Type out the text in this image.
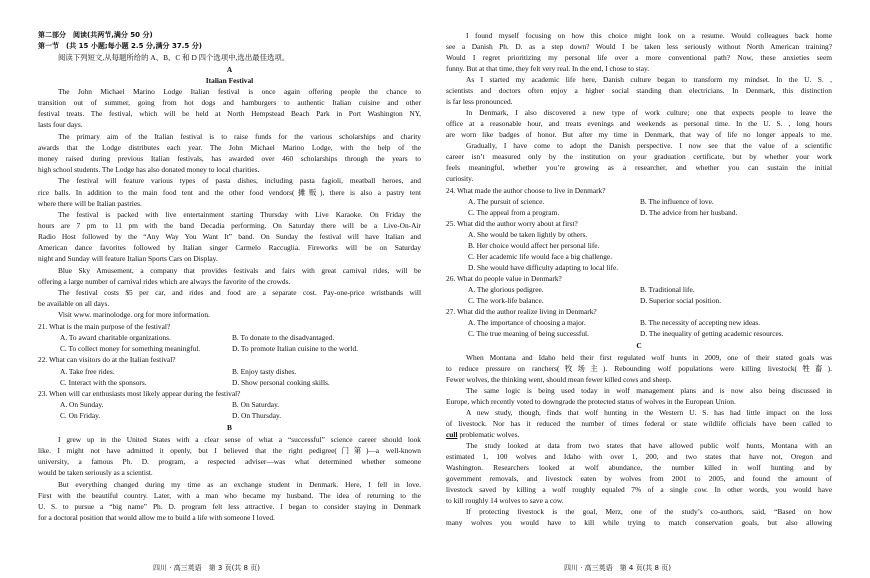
第二部分　阅读(共两节,满分 50 分)
第一节　(共 15 小题;每小题 2.5 分,满分 37.5 分)
阅读下列短文,从每题所给的 A、B、C 和 D 四个选项中,选出最佳选项。
A
Italian Festival
The John Michael Marino Lodge Italian festival is once again offering people the chance to
transition out of summer, going from hot dogs and hamburgers to authentic Italian cuisine and other
festival treats. The festival, which will be held at North Hempstead Beach Park in Port Washington NY,
lasts four days.
The primary aim of the Italian festival is to raise funds for the various scholarships and charity
awards that the Lodge distributes each year. The John Michael Marino Lodge, with the help of the
money raised during previous Italian festivals, has awarded over 460 scholarships through the years to
high school students. The Lodge has also donated money to local charities.
The festival will feature various types of pasta dishes, including pasta fagioli, meatball heroes, and
rice balls. In addition to the main food tent and the other food vendors(摊贩), there is also a pastry tent
where there will be Italian pastries.
The festival is packed with live entertainment starting Thursday with Live Karaoke. On Friday the
hours are 7 pm to 11 pm with the band Decadia performing. On Saturday there will be a Live-On-Air
Radio Host followed by the “Any Way You Want It” band. On Sunday the festival will have Italian and
American dance favorites followed by Italian singer Carmelo Raccuglia. Fireworks will be on Saturday
night and Sunday will feature Italian Sports Cars on Display.
Blue Sky Amusement, a company that provides festivals and fairs with great carnival rides, will be
offering a large number of carnival rides which are always the favorite of the crowds.
The festival costs $5 per car, and rides and food are a separate cost. Pay-one-price wristbands will
be available on all days.
Visit www. marinolodge. org for more information.
21. What is the main purpose of the festival?
A. To award charitable organizations.	B. To donate to the disadvantaged.
C. To collect money for something meaningful.	D. To promote Italian cuisine to the world.
22. What can visitors do at the Italian festival?
A. Take free rides.	B. Enjoy tasty dishes.
C. Interact with the sponsors.	D. Show personal cooking skills.
23. When will car enthusiasts most likely appear during the festival?
A. On Sunday.	B. On Saturday.
C. On Friday.	D. On Thursday.
B
I grew up in the United States with a clear sense of what a “successful” science career should look
like. I might not have admitted it openly, but I believed that the right pedigree(门第)—a well-known
university, a famous Ph. D. program, a respected adviser—was what determined whether someone
would be taken seriously as a scientist.
But everything changed during my time as an exchange student in Denmark. Here, I fell in love.
First with the beautiful country. Later, with a man who became my husband. The idea of returning to the
U. S. to pursue a “big name” Ph. D. program felt less attractive. I began to consider staying in Denmark
for a doctoral position that would allow me to build a life with someone I loved.
四川 · 高三英语　第 3 页(共 8 页)
I found myself focusing on how this choice might look on a resume. Would colleagues back home
see a Danish Ph. D. as a step down? Would I be taken less seriously without North American training?
Would I regret prioritizing my personal life over a more conventional path? Now, these anxieties seem
funny. But at that time, they felt very real. In the end, I chose to stay.
As I started my academic life here, Danish culture began to transform my mindset. In the U. S. ,
scientists and doctors often enjoy a higher social standing than electricians. In Denmark, this distinction
is far less pronounced.
In Denmark, I also discovered a new type of work culture; one that expects people to leave the
office at a reasonable hour, and treats evenings and weekends as personal time. In the U. S. , long hours
are worn like badges of honor. But after my time in Denmark, that way of life no longer appeals to me.
Gradually, I have come to adopt the Danish perspective. I now see that the value of a scientific
career isn’t measured only by the institution on your graduation certificate, but by whether your work
feels meaningful, whether you’re growing as a researcher, and whether you can sustain the initial
curiosity.
24. What made the author choose to live in Denmark?
A. The pursuit of science.	B. The influence of love.
C. The appeal from a program.	D. The advice from her husband.
25. What did the author worry about at first?
A. She would be taken lightly by others.
B. Her choice would affect her personal life.
C. Her academic life would face a big challenge.
D. She would have difficulty adapting to local life.
26. What do people value in Denmark?
A. The glorious pedigree.	B. Traditional life.
C. The work-life balance.	D. Superior social position.
27. What did the author realize living in Denmark?
A. The importance of choosing a major.	B. The necessity of accepting new ideas.
C. The true meaning of being successful.	D. The inequality of getting academic resources.
C
When Montana and Idaho held their first regulated wolf hunts in 2009, one of their stated goals was
to reduce pressure on ranchers(牧场主). Rebounding wolf populations were killing livestock(牲畜).
Fewer wolves, the thinking went, should mean fewer killed cows and sheep.
The same logic is being used today in wolf management plans and is now also being discussed in
Europe, which recently voted to downgrade the protected status of wolves in the European Union.
A new study, though, finds that wolf hunting in the Western U. S. has had little impact on the loss
of livestock. Nor has it reduced the number of times federal or state wildlife officials have been called to
cull problematic wolves.
The study looked at data from two states that have allowed public wolf hunts, Montana with an
estimated 1, 100 wolves and Idaho with over 1, 200, and two states that have not, Oregon and
Washington. Researchers looked at wolf abundance, the number killed in wolf hunting and by
government removals, and livestock eaten by wolves from 2001 to 2005, and found the amount of
livestock saved by killing a wolf roughly equaled 7% of a single cow. In other words, you would have
to kill roughly 14 wolves to save a cow.
If protecting livestock is the goal, Merz, one of the study’s co-authors, said, “Based on how
many wolves you would have to kill while trying to match conservation goals, but also allowing
四川 · 高三英语　第 4 页(共 8 页)
